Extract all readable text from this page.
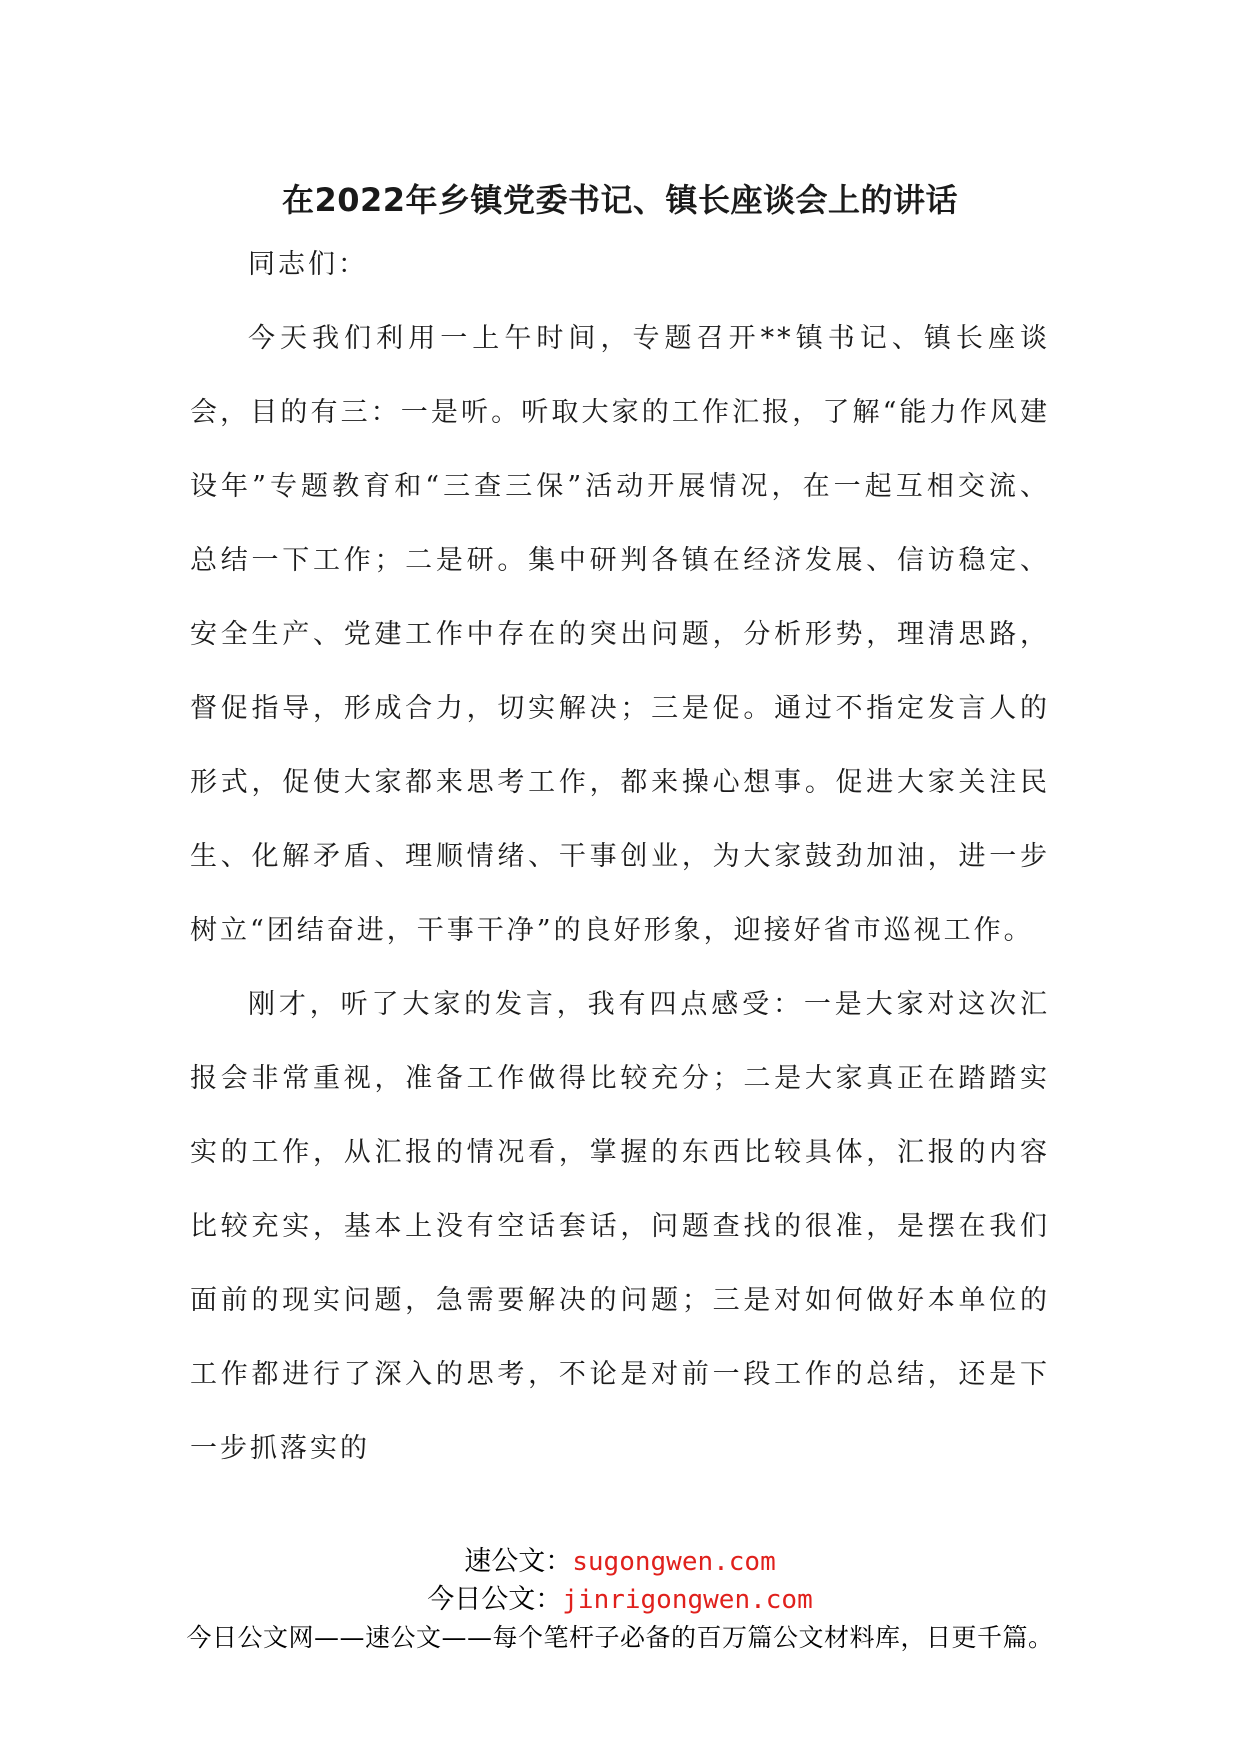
在2022年乡镇党委书记、镇长座谈会上的讲话

同志们：

今天我们利用一上午时间，专题召开**镇书记、镇长座谈会，目的有三：一是听。听取大家的工作汇报，了解“能力作风建设年”专题教育和“三查三保”活动开展情况，在一起互相交流、总结一下工作；二是研。集中研判各镇在经济发展、信访稳定、安全生产、党建工作中存在的突出问题，分析形势，理清思路，督促指导，形成合力，切实解决；三是促。通过不指定发言人的形式，促使大家都来思考工作，都来操心想事。促进大家关注民生、化解矛盾、理顺情绪、干事创业，为大家鼓劲加油，进一步树立“团结奋进，干事干净”的良好形象，迎接好省市巡视工作。

刚才，听了大家的发言，我有四点感受：一是大家对这次汇报会非常重视，准备工作做得比较充分；二是大家真正在踏踏实实的工作，从汇报的情况看，掌握的东西比较具体，汇报的内容比较充实，基本上没有空话套话，问题查找的很准，是摆在我们面前的现实问题，急需要解决的问题；三是对如何做好本单位的工作都进行了深入的思考，不论是对前一段工作的总结，还是下一步抓落实的

速公文：sugongwen.com
今日公文：jinrigongwen.com
今日公文网——速公文——每个笔杆子必备的百万篇公文材料库，日更千篇。
